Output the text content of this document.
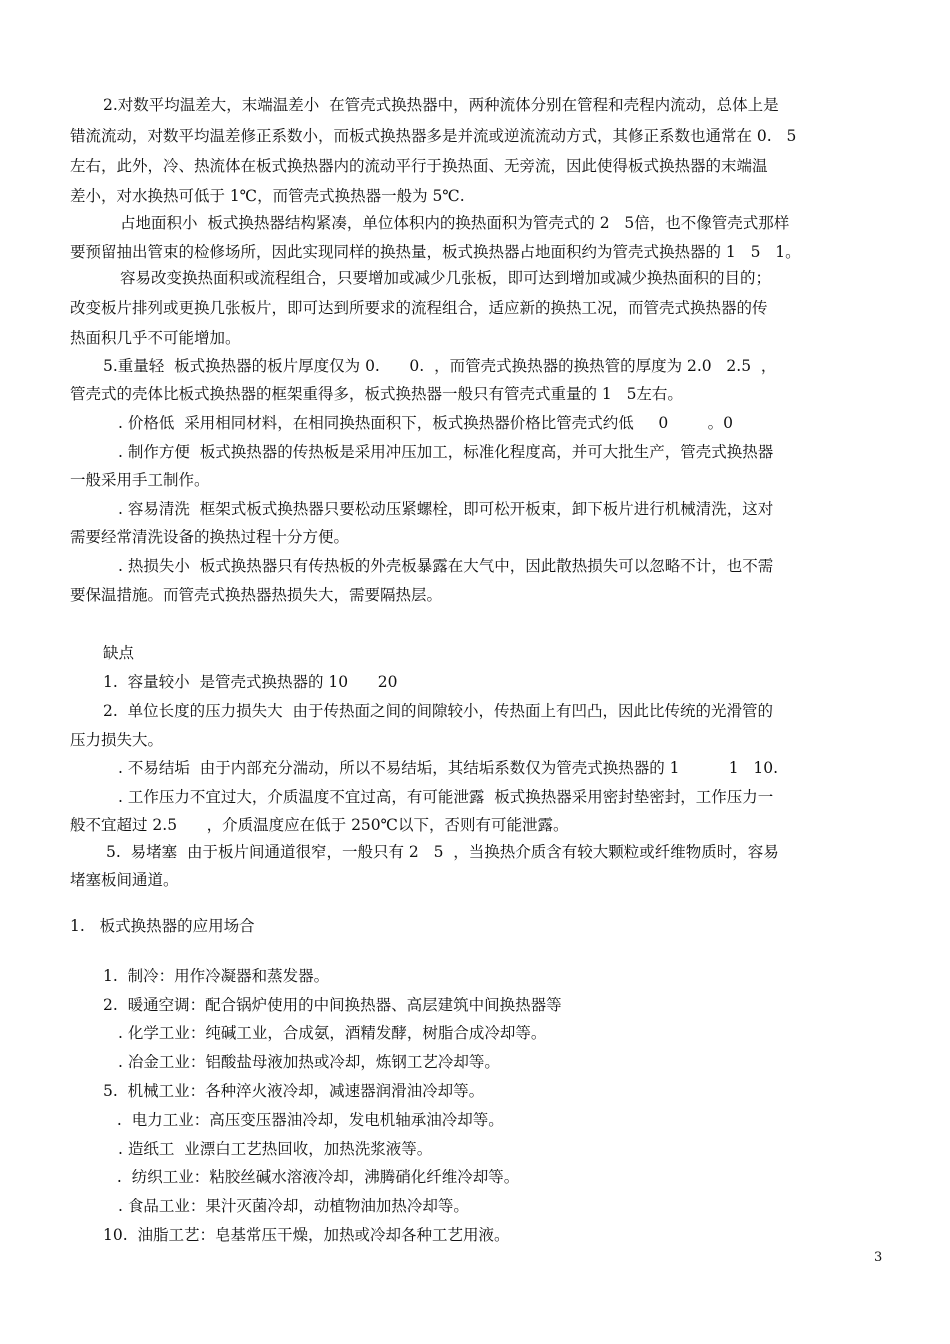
2.对数平均温差大，末端温差小  在管壳式换热器中，两种流体分别在管程和壳程内流动，总体上是
错流流动，对数平均温差修正系数小，而板式换热器多是并流或逆流流动方式，其修正系数也通常在 0.   5
左右，此外，冷、热流体在板式换热器内的流动平行于换热面、无旁流，因此使得板式换热器的末端温
差小，对水换热可低于 1℃，而管壳式换热器一般为 5℃.
占地面积小  板式换热器结构紧凑，单位体积内的换热面积为管壳式的 2   5倍，也不像管壳式那样
要预留抽出管束的检修场所，因此实现同样的换热量，板式换热器占地面积约为管壳式换热器的 1   5   1。
容易改变换热面积或流程组合，只要增加或减少几张板，即可达到增加或减少换热面积的目的；
改变板片排列或更换几张板片，即可达到所要求的流程组合，适应新的换热工况，而管壳式换热器的传
热面积几乎不可能增加。
5.重量轻  板式换热器的板片厚度仅为 0.      0.  ，而管壳式换热器的换热管的厚度为 2.0   2.5  ，
管壳式的壳体比板式换热器的框架重得多，板式换热器一般只有管壳式重量的 1   5左右。
. 价格低  采用相同材料，在相同换热面积下，板式换热器价格比管壳式约低     0        。0
. 制作方便  板式换热器的传热板是采用冲压加工，标准化程度高，并可大批生产，管壳式换热器
一般采用手工制作。
. 容易清洗  框架式板式换热器只要松动压紧螺栓，即可松开板束，卸下板片进行机械清洗，这对
需要经常清洗设备的换热过程十分方便。
. 热损失小  板式换热器只有传热板的外壳板暴露在大气中，因此散热损失可以忽略不计，也不需
要保温措施。而管壳式换热器热损失大，需要隔热层。
缺点
1.  容量较小  是管壳式换热器的 10      20
2.  单位长度的压力损失大  由于传热面之间的间隙较小，传热面上有凹凸，因此比传统的光滑管的
压力损失大。
. 不易结垢  由于内部充分湍动，所以不易结垢，其结垢系数仅为管壳式换热器的 1          1   10.
. 工作压力不宜过大，介质温度不宜过高，有可能泄露  板式换热器采用密封垫密封，工作压力一
般不宜超过 2.5      ，介质温度应在低于 250℃以下，否则有可能泄露。
5.  易堵塞  由于板片间通道很窄，一般只有 2   5  ，当换热介质含有较大颗粒或纤维物质时，容易
堵塞板间通道。
1.   板式换热器的应用场合
1.  制冷：用作冷凝器和蒸发器。
2.  暖通空调：配合锅炉使用的中间换热器、高层建筑中间换热器等
. 化学工业：纯碱工业，合成氨，酒精发酵，树脂合成冷却等。
. 冶金工业：铝酸盐母液加热或冷却，炼钢工艺冷却等。
5.  机械工业：各种淬火液冷却，减速器润滑油冷却等。
.  电力工业：高压变压器油冷却，发电机轴承油冷却等。
. 造纸工  业漂白工艺热回收，加热洗浆液等。
.  纺织工业：粘胶丝碱水溶液冷却，沸腾硝化纤维冷却等。
. 食品工业：果汁灭菌冷却，动植物油加热冷却等。
10.  油脂工艺：皂基常压干燥，加热或冷却各种工艺用液。
3
